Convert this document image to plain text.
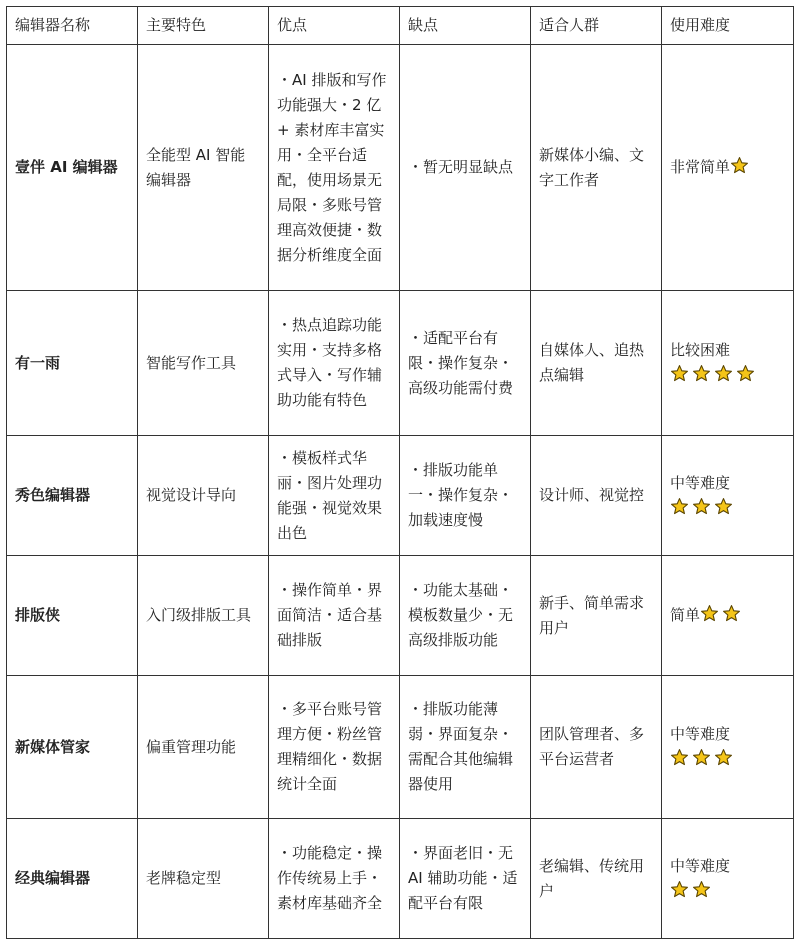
编辑器名称	主要特色	优点	缺点	适合人群	使用难度
壹伴 AI 编辑器	全能型 AI 智能编辑器	・AI 排版和写作功能强大・2 亿 + 素材库丰富实用・全平台适配，使用场景无局限・多账号管理高效便捷・数据分析维度全面	・暂无明显缺点	新媒体小编、文字工作者	非常简单
有一雨	智能写作工具	・热点追踪功能实用・支持多格式导入・写作辅助功能有特色	・适配平台有限・操作复杂・高级功能需付费	自媒体人、追热点编辑	比较困难

秀色编辑器	视觉设计导向	・模板样式华丽・图片处理功能强・视觉效果出色	・排版功能单一・操作复杂・加载速度慢	设计师、视觉控	中等难度

排版侠	入门级排版工具	・操作简单・界面简洁・适合基础排版	・功能太基础・模板数量少・无高级排版功能	新手、简单需求用户	简单
新媒体管家	偏重管理功能	・多平台账号管理方便・粉丝管理精细化・数据统计全面	・排版功能薄弱・界面复杂・需配合其他编辑器使用	团队管理者、多平台运营者	中等难度

经典编辑器	老牌稳定型	・功能稳定・操作传统易上手・素材库基础齐全	・界面老旧・无 AI 辅助功能・适配平台有限	老编辑、传统用户	中等难度
